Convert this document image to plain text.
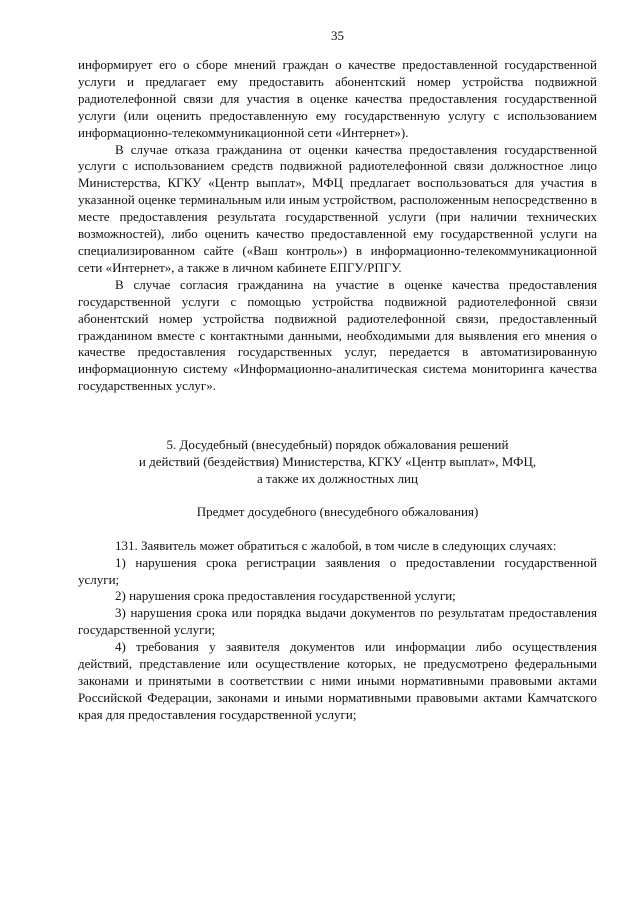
35

информирует его о сборе мнений граждан о качестве предоставленной государственной услуги и предлагает ему предоставить абонентский номер устройства подвижной радиотелефонной связи для участия в оценке качества предоставления государственной услуги (или оценить предоставленную ему государственную услугу с использованием информационно-телекоммуникационной сети «Интернет»).

В случае отказа гражданина от оценки качества предоставления государственной услуги с использованием средств подвижной радиотелефонной связи должностное лицо Министерства, КГКУ «Центр выплат», МФЦ предлагает воспользоваться для участия в указанной оценке терминальным или иным устройством, расположенным непосредственно в месте предоставления результата государственной услуги (при наличии технических возможностей), либо оценить качество предоставленной ему государственной услуги на специализированном сайте («Ваш контроль») в информационно-телекоммуникационной сети «Интернет», а также в личном кабинете ЕПГУ/РПГУ.

В случае согласия гражданина на участие в оценке качества предоставления государственной услуги с помощью устройства подвижной радиотелефонной связи абонентский номер устройства подвижной радиотелефонной связи, предоставленный гражданином вместе с контактными данными, необходимыми для выявления его мнения о качестве предоставления государственных услуг, передается в автоматизированную информационную систему «Информационно-аналитическая система мониторинга качества государственных услуг».

5. Досудебный (внесудебный) порядок обжалования решений
и действий (бездействия) Министерства, КГКУ «Центр выплат», МФЦ,
а также их должностных лиц
Предмет досудебного (внесудебного обжалования)

131. Заявитель может обратиться с жалобой, в том числе в следующих случаях:

1) нарушения срока регистрации заявления о предоставлении государственной услуги;

2) нарушения срока предоставления государственной услуги;

3) нарушения срока или порядка выдачи документов по результатам предоставления государственной услуги;

4) требования у заявителя документов или информации либо осуществления действий, представление или осуществление которых, не предусмотрено федеральными законами и принятыми в соответствии с ними иными нормативными правовыми актами Российской Федерации, законами и иными нормативными правовыми актами Камчатского края для предоставления государственной услуги;
